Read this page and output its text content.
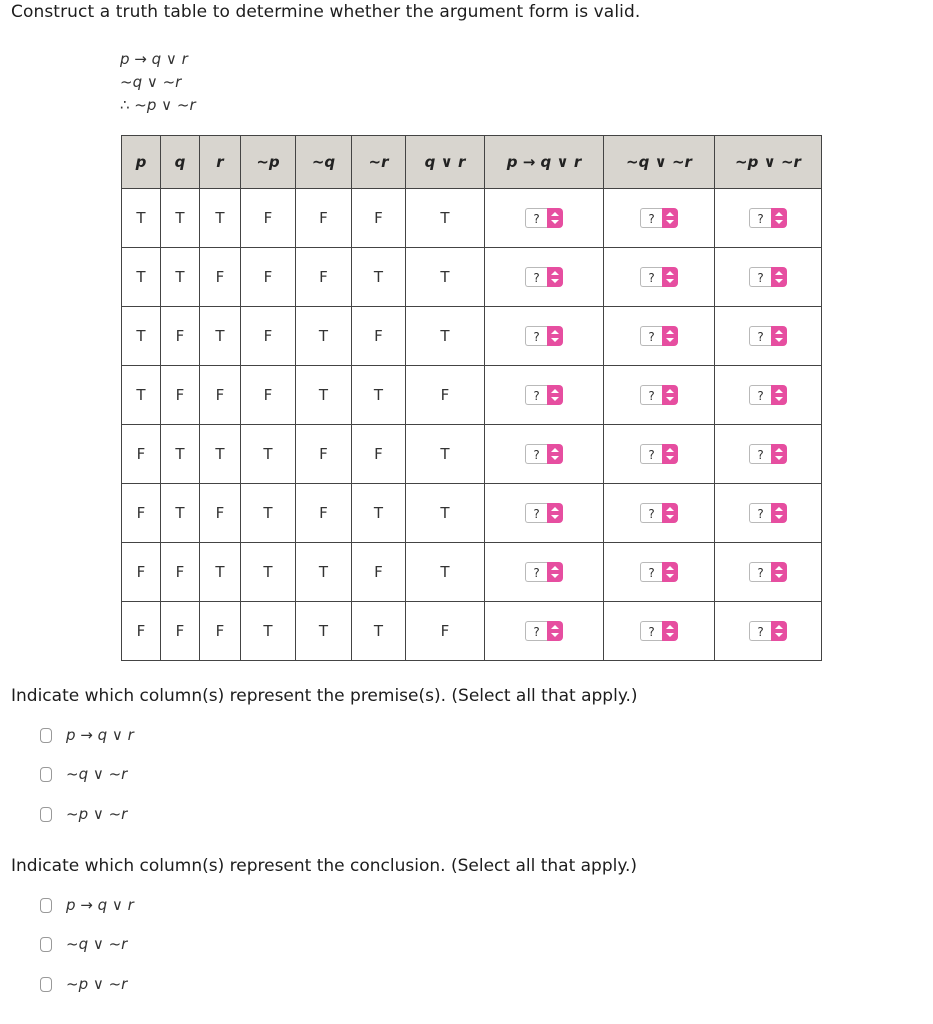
Construct a truth table to determine whether the argument form is valid.
p → q ∨ r
~q ∨ ~r
∴ ~p ∨ ~r
p	q	r	~p	~q	~r	q ∨ r	p → q ∨ r	~q ∨ ~r	~p ∨ ~r
T	T	T	F	F	F	T	?	?	?

T	T	F	F	F	T	T	?	?	?

T	F	T	F	T	F	T	?	?	?

T	F	F	F	T	T	F	?	?	?

F	T	T	T	F	F	T	?	?	?

F	T	F	T	F	T	T	?	?	?

F	F	T	T	T	F	T	?	?	?

F	F	F	T	T	T	F	?	?	?
Indicate which column(s) represent the premise(s). (Select all that apply.)
p → q ∨ r
~q ∨ ~r
~p ∨ ~r
Indicate which column(s) represent the conclusion. (Select all that apply.)
p → q ∨ r
~q ∨ ~r
~p ∨ ~r
